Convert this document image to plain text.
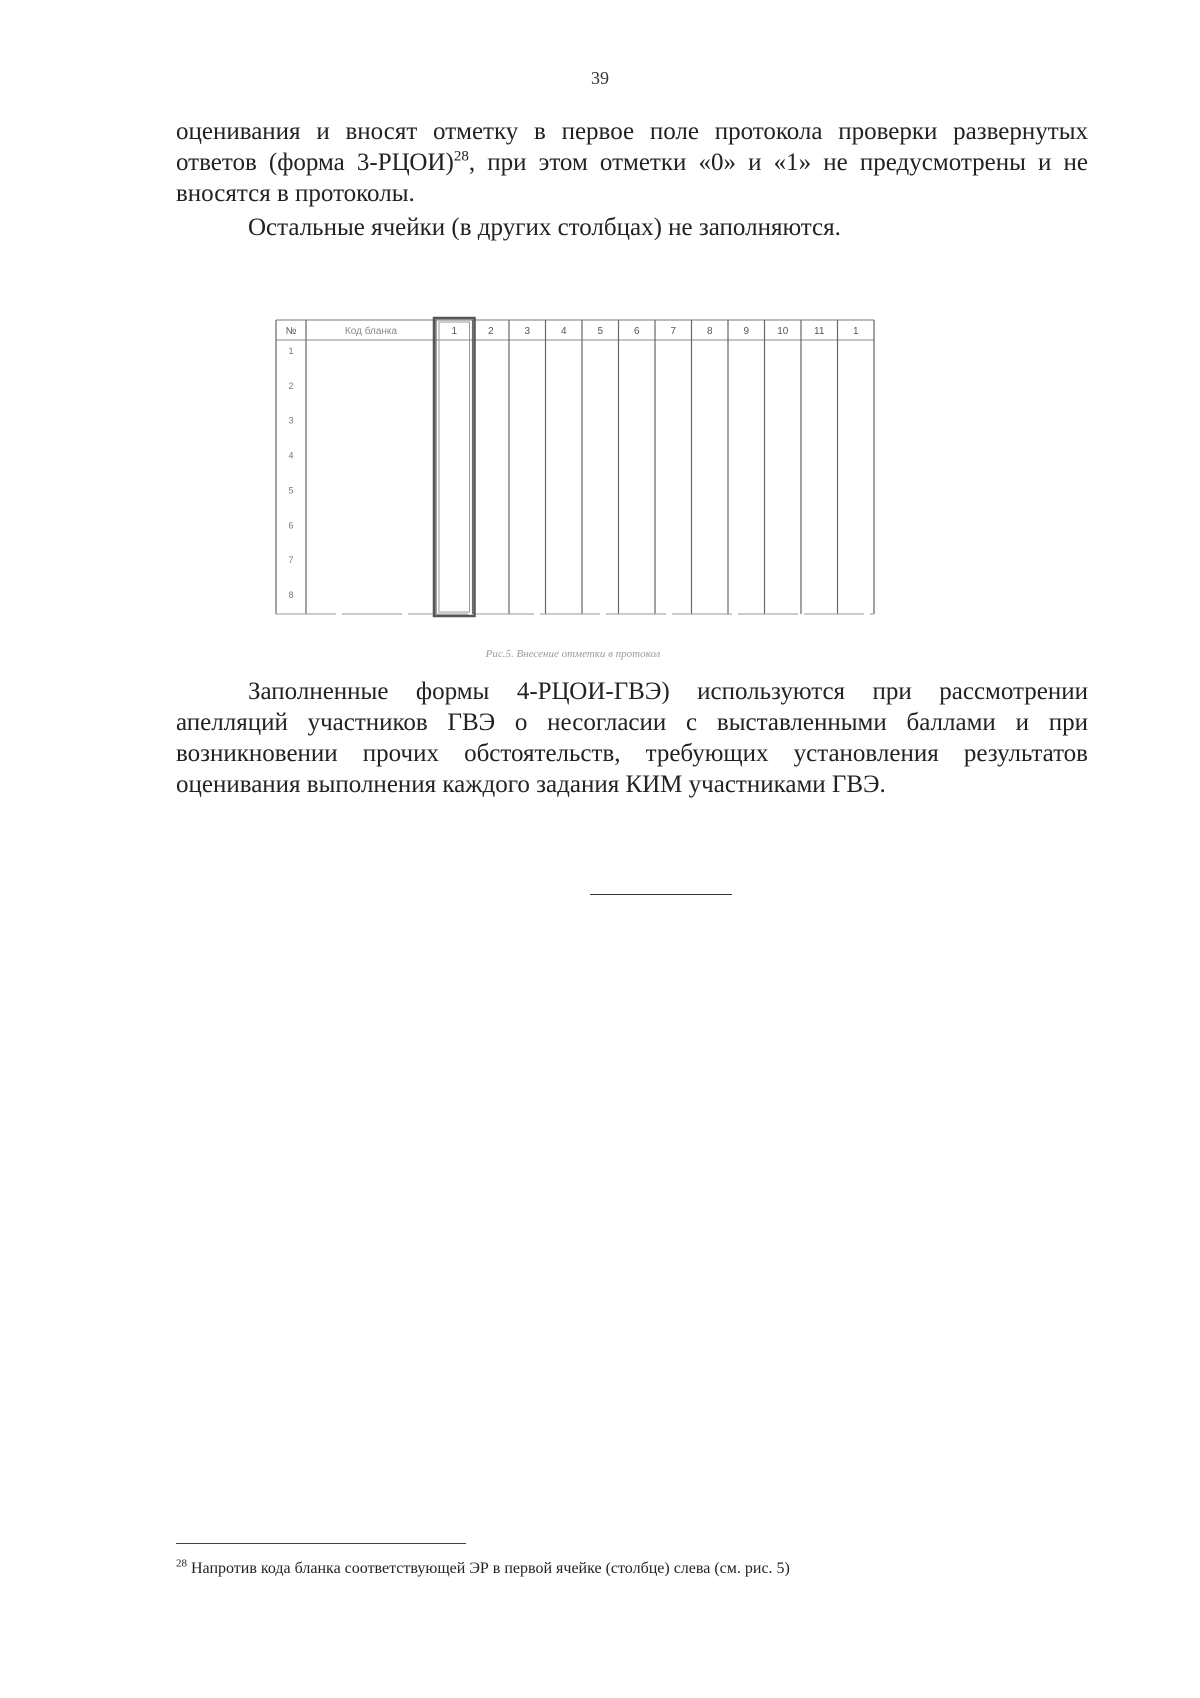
39

оценивания и вносят отметку в первое поле протокола проверки развернутых ответов (форма 3-РЦОИ)$^{28}$, при этом отметки «0» и «1» не предусмотрены и не вносятся в протоколы.

Остальные ячейки (в других столбцах) не заполняются.

№	Код бланка	1	2	3	4	5	6	7	8	9	10	11	1
1
2
3
4
5
6
7
8
Рис.5. Внесение отметки в протокол

Заполненные формы 4-РЦОИ-ГВЭ) используются при рассмотрении апелляций участников ГВЭ о несогласии с выставленными баллами и при возникновении прочих обстоятельств, требующих установления результатов оценивания выполнения каждого задания КИМ участниками ГВЭ.

$^{28}$ Напротив кода бланка соответствующей ЭР в первой ячейке (столбце) слева (см. рис. 5)
